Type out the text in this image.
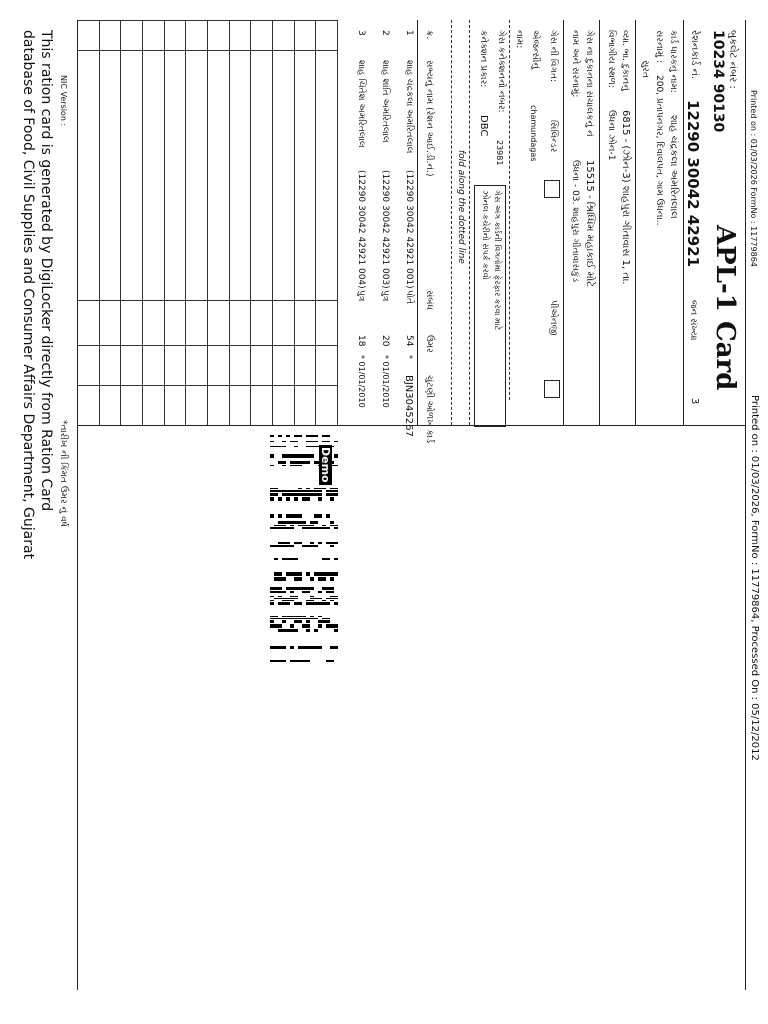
Printed on : 01/03/2026 FormNo : 11779864
Printed on : 01/03/2026, FormNo : 11779864, Processed On : 05/12/2012
NIC Version :
*તારીખ ની કિંમત ઉંમર નું વર્ષ
This ration card is generated by DigiLocker directly from Ration Card
database of Food, Civil Supplies and Consumer Affairs Department, Gujarat	બુકલેટ નંબર :
10234 90130
APL-1 Card
રેશનકાર્ડ નં.
12290 30042 42921
જન સંખ્યા
3
કાર્ડ ધારકનું નામ:
શાહ ચંદ્રકલા અમરિતલાલ
સરનામું :
200, પ્રતાપનગર, દિવાલપત, ગામ ઉધના..
સુરત
વ્યા. ભા. દુકાનનું
6815 - (ઝોન-3) શાહપુરા ગીતાવાસ 1, તા.
વિભાગીય સ્થળ:
ઉધના ઝોન-1
ગેસ ના દુકાનના સંચાલકનું નં
15515 - શ્રિધ્ધિમ મહાકાઈ મોટે
નામ અને સરનામું:
ઉધના - 03. શાહપુરા ગીતાવાસકુંડ
ગેસ ની વિગત:
સિલિન્ડર
પીએનજી
એજન્સીનું
chamundagas
નામ:
ગેસ કનેક્શનનો નંબર:
23981
કનેક્શન પ્રકાર:
DBC
ગેસ અંગ કાર્ડની વિગતોમાં ફેરફાર કરવા માટે
ઝોનલ કચેરીનો સંપર્ક કરવો
fold along the dotted line
ક્ર.
સભ્યનું નામ (રેશન આઈ.ડી.નં.)
સંબંધ
ઉંમર
ચુંટણી ઓળખ કાર્ડ
1
શાહ ચંદ્રકલા અમરિતલાલ
(12290 30042 42921 001)
પોતે
54
*
BJN3045267
2
શાહ શાંતિ અમરિતલાલ
(12290 30042 42921 003)
પુત્ર
20
* 01/01/2010
3
શાહ ચિંતેશ અમરિતલાલ
(12290 30042 42921 004)
પુત્ર
18
* 01/01/2010
Demo
